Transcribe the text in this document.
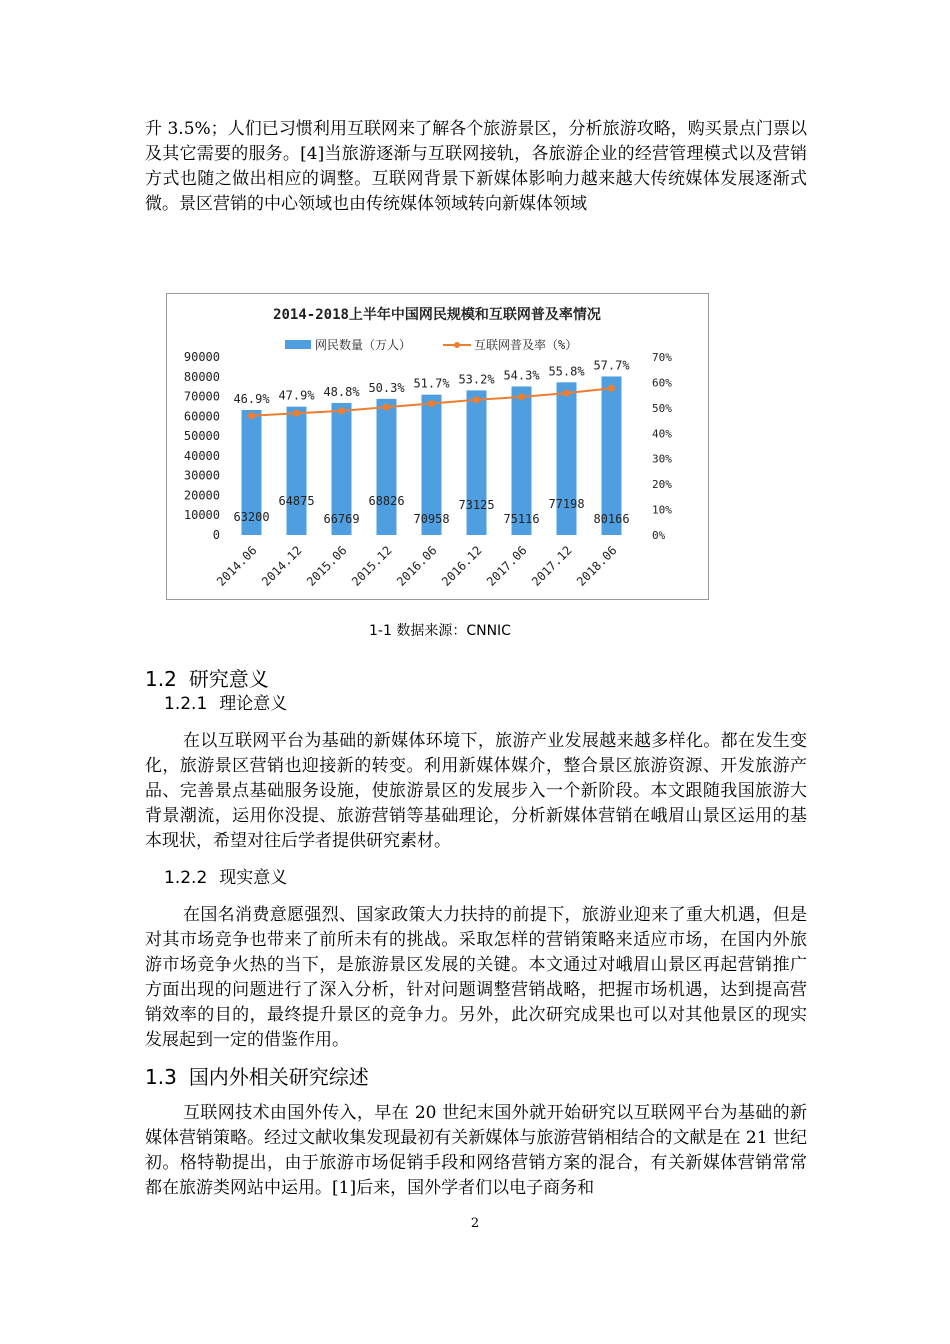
升 3.5%；人们已习惯利用互联网来了解各个旅游景区，分析旅游攻略，购买景点门票以及其它需要的服务。[4]当旅游逐渐与互联网接轨，各旅游企业的经营管理模式以及营销方式也随之做出相应的调整。互联网背景下新媒体影响力越来越大传统媒体发展逐渐式微。景区营销的中心领域也由传统媒体领域转向新媒体领域

2014-2018上半年中国网民规模和互联网普及率情况
网民数量（万人）	互联网普及率（%）
0
10000
20000
30000
40000
50000
60000
70000
80000
90000
0%
10%
20%
30%
40%
50%
60%
70%
63200
64875
66769
68826
70958
73125
75116
77198
80166
46.9% 47.9% 48.8% 50.3% 51.7% 53.2% 54.3% 55.8% 57.7%
2014.06 2014.12 2015.06 2015.12 2016.06 2016.12 2017.06 2017.12 2018.06
1-1 数据来源：CNNIC
1.2 研究意义
1.2.1 理论意义

在以互联网平台为基础的新媒体环境下，旅游产业发展越来越多样化。都在发生变化，旅游景区营销也迎接新的转变。利用新媒体媒介，整合景区旅游资源、开发旅游产品、完善景点基础服务设施，使旅游景区的发展步入一个新阶段。本文跟随我国旅游大背景潮流，运用你没提、旅游营销等基础理论，分析新媒体营销在峨眉山景区运用的基本现状，希望对往后学者提供研究素材。

1.2.2 现实意义

在国名消费意愿强烈、国家政策大力扶持的前提下，旅游业迎来了重大机遇，但是对其市场竞争也带来了前所未有的挑战。采取怎样的营销策略来适应市场，在国内外旅游市场竞争火热的当下，是旅游景区发展的关键。本文通过对峨眉山景区再起营销推广方面出现的问题进行了深入分析，针对问题调整营销战略，把握市场机遇，达到提高营销效率的目的，最终提升景区的竞争力。另外，此次研究成果也可以对其他景区的现实发展起到一定的借鉴作用。

1.3 国内外相关研究综述

互联网技术由国外传入，早在 20 世纪末国外就开始研究以互联网平台为基础的新媒体营销策略。经过文献收集发现最初有关新媒体与旅游营销相结合的文献是在 21 世纪初。格特勒提出，由于旅游市场促销手段和网络营销方案的混合，有关新媒体营销常常都在旅游类网站中运用。[1]后来，国外学者们以电子商务和

2
